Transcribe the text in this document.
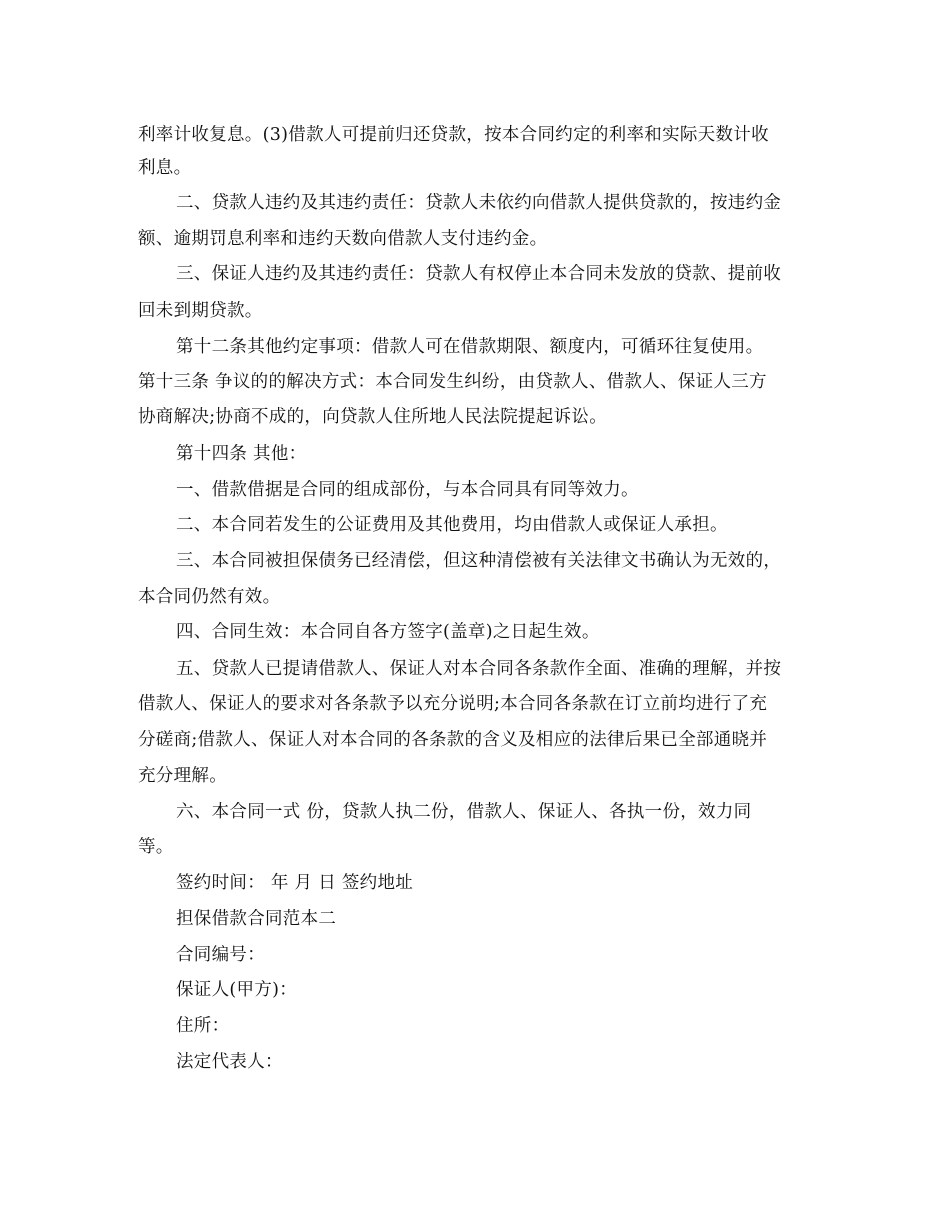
利率计收复息。(3)借款人可提前归还贷款，按本合同约定的利率和实际天数计收
利息。
二、贷款人违约及其违约责任：贷款人未依约向借款人提供贷款的，按违约金
额、逾期罚息利率和违约天数向借款人支付违约金。
三、保证人违约及其违约责任：贷款人有权停止本合同未发放的贷款、提前收
回未到期贷款。
第十二条其他约定事项：借款人可在借款期限、额度内，可循环往复使用。
第十三条 争议的的解决方式：本合同发生纠纷，由贷款人、借款人、保证人三方
协商解决;协商不成的，向贷款人住所地人民法院提起诉讼。
第十四条 其他：
一、借款借据是合同的组成部份，与本合同具有同等效力。
二、本合同若发生的公证费用及其他费用，均由借款人或保证人承担。
三、本合同被担保债务已经清偿，但这种清偿被有关法律文书确认为无效的，
本合同仍然有效。
四、合同生效：本合同自各方签字(盖章)之日起生效。
五、贷款人已提请借款人、保证人对本合同各条款作全面、准确的理解，并按
借款人、保证人的要求对各条款予以充分说明;本合同各条款在订立前均进行了充
分磋商;借款人、保证人对本合同的各条款的含义及相应的法律后果已全部通晓并
充分理解。
六、本合同一式 份，贷款人执二份，借款人、保证人、各执一份，效力同
等。
签约时间： 年 月 日 签约地址
担保借款合同范本二
合同编号：
保证人(甲方)：
住所：
法定代表人：
